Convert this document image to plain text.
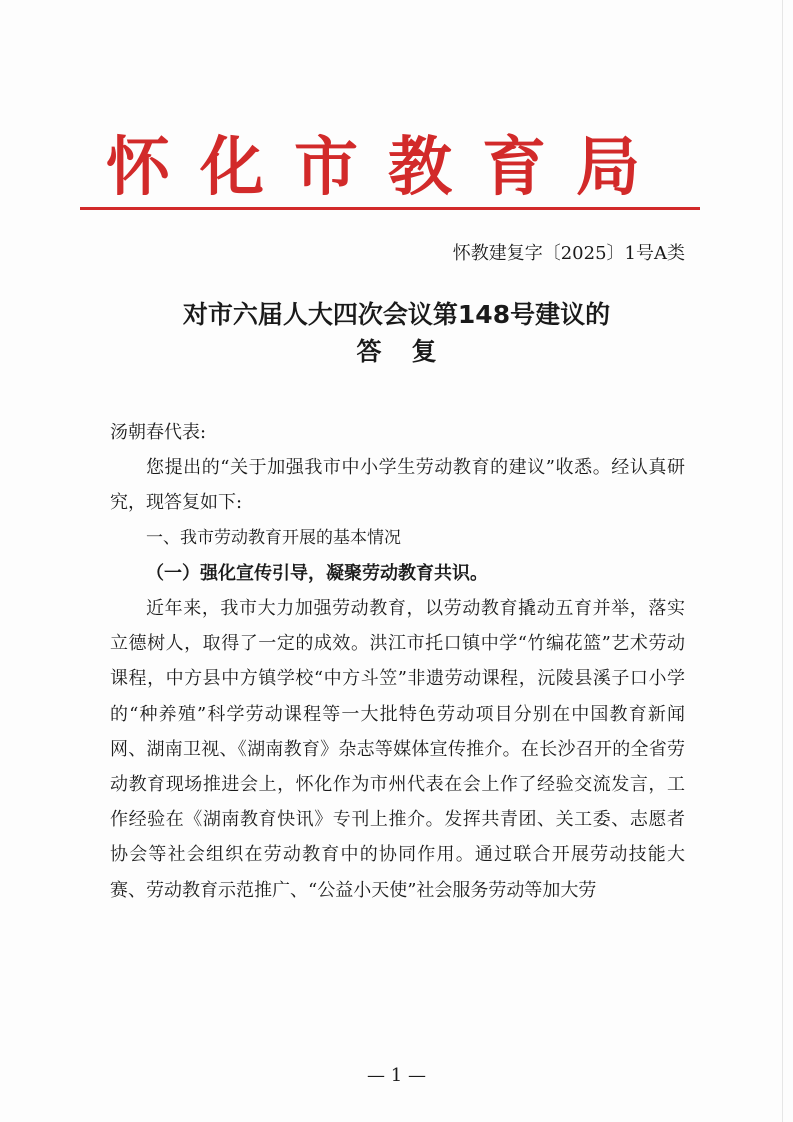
怀化市教育局
怀教建复字〔2025〕1号A类
对市六届人大四次会议第148号建议的
答复

汤朝春代表:

您提出的“关于加强我市中小学生劳动教育的建议”收悉。经认真研究，现答复如下:

一、我市劳动教育开展的基本情况

（一）强化宣传引导，凝聚劳动教育共识。

近年来，我市大力加强劳动教育，以劳动教育撬动五育并举，落实立德树人，取得了一定的成效。洪江市托口镇中学“竹编花篮”艺术劳动课程，中方县中方镇学校“中方斗笠”非遗劳动课程，沅陵县溪子口小学的“种养殖”科学劳动课程等一大批特色劳动项目分别在中国教育新闻网、湖南卫视、《湖南教育》杂志等媒体宣传推介。在长沙召开的全省劳动教育现场推进会上，怀化作为市州代表在会上作了经验交流发言，工作经验在《湖南教育快讯》专刊上推介。发挥共青团、关工委、志愿者协会等社会组织在劳动教育中的协同作用。通过联合开展劳动技能大赛、劳动教育示范推广、“公益小天使”社会服务劳动等加大劳

— 1 —
